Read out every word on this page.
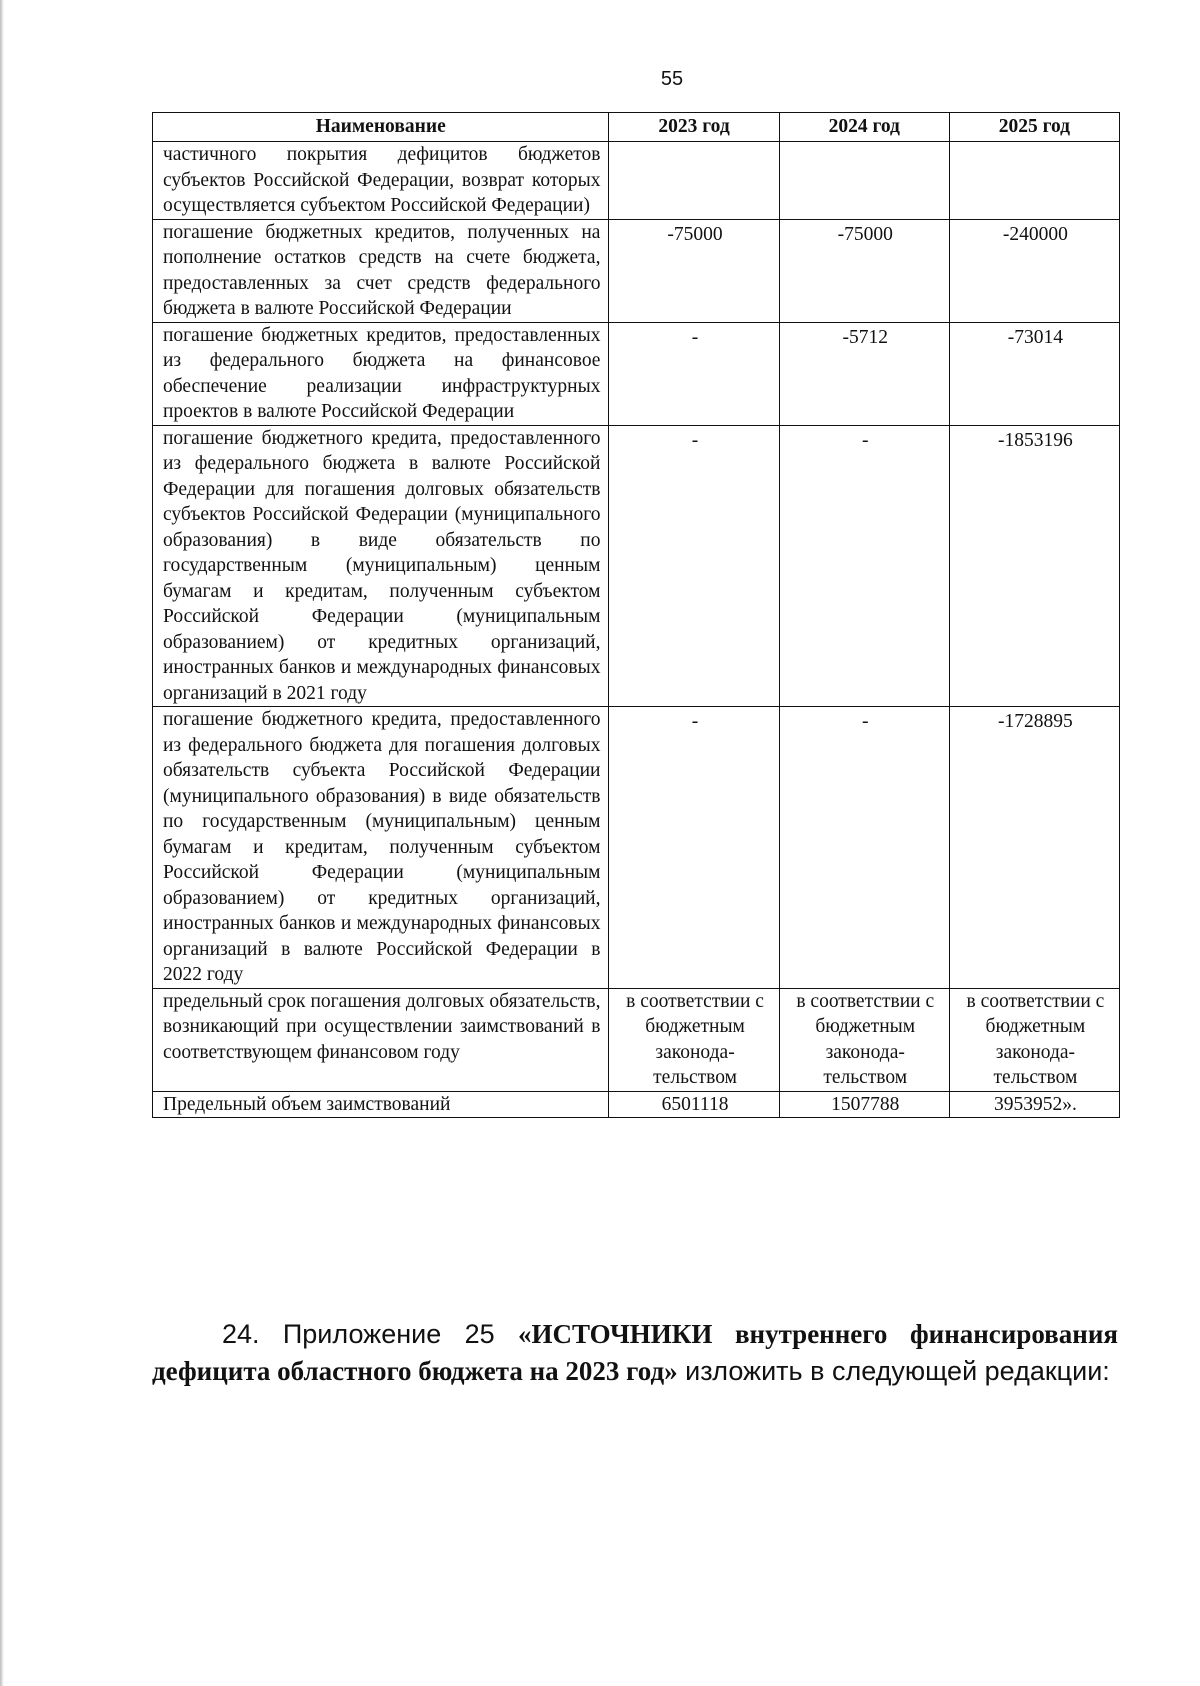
55
Наименование	2023 год	2024 год	2025 год
частичного покрытия дефицитов бюджетов субъектов Российской Федерации, возврат которых осуществляется субъектом Российской Федерации)			
погашение бюджетных кредитов, полученных на пополнение остатков средств на счете бюджета, предоставленных за счет средств федерального бюджета в валюте Российской Федерации	-75000	-75000	-240000
погашение бюджетных кредитов, предоставленных из федерального бюджета на финансовое обеспечение реализации инфраструктурных проектов в валюте Российской Федерации	-	-5712	-73014
погашение бюджетного кредита, предоставленного из федерального бюджета в валюте Российской Федерации для погашения долговых обязательств субъектов Российской Федерации (муниципального образования) в виде обязательств по государственным (муниципальным) ценным бумагам и кредитам, полученным субъектом Российской Федерации (муниципальным образованием) от кредитных организаций, иностранных банков и международных финансовых организаций в 2021 году	-	-	-1853196
погашение бюджетного кредита, предоставленного из федерального бюджета для погашения долговых обязательств субъекта Российской Федерации (муниципального образования) в виде обязательств по государственным (муниципальным) ценным бумагам и кредитам, полученным субъектом Российской Федерации (муниципальным образованием) от кредитных организаций, иностранных банков и международных финансовых организаций в валюте Российской Федерации в 2022 году	-	-	-1728895
предельный срок погашения долговых обязательств, возникающий при осуществлении заимствований в соответствующем финансовом году	в соответствии с бюджетным законода-тельством	в соответствии с бюджетным законода-тельством	в соответствии с бюджетным законода-тельством
Предельный объем заимствований	6501118	1507788	3953952».
24. Приложение 25 «ИСТОЧНИКИ внутреннего финансирования дефицита областного бюджета на 2023 год» изложить в следующей редакции:
